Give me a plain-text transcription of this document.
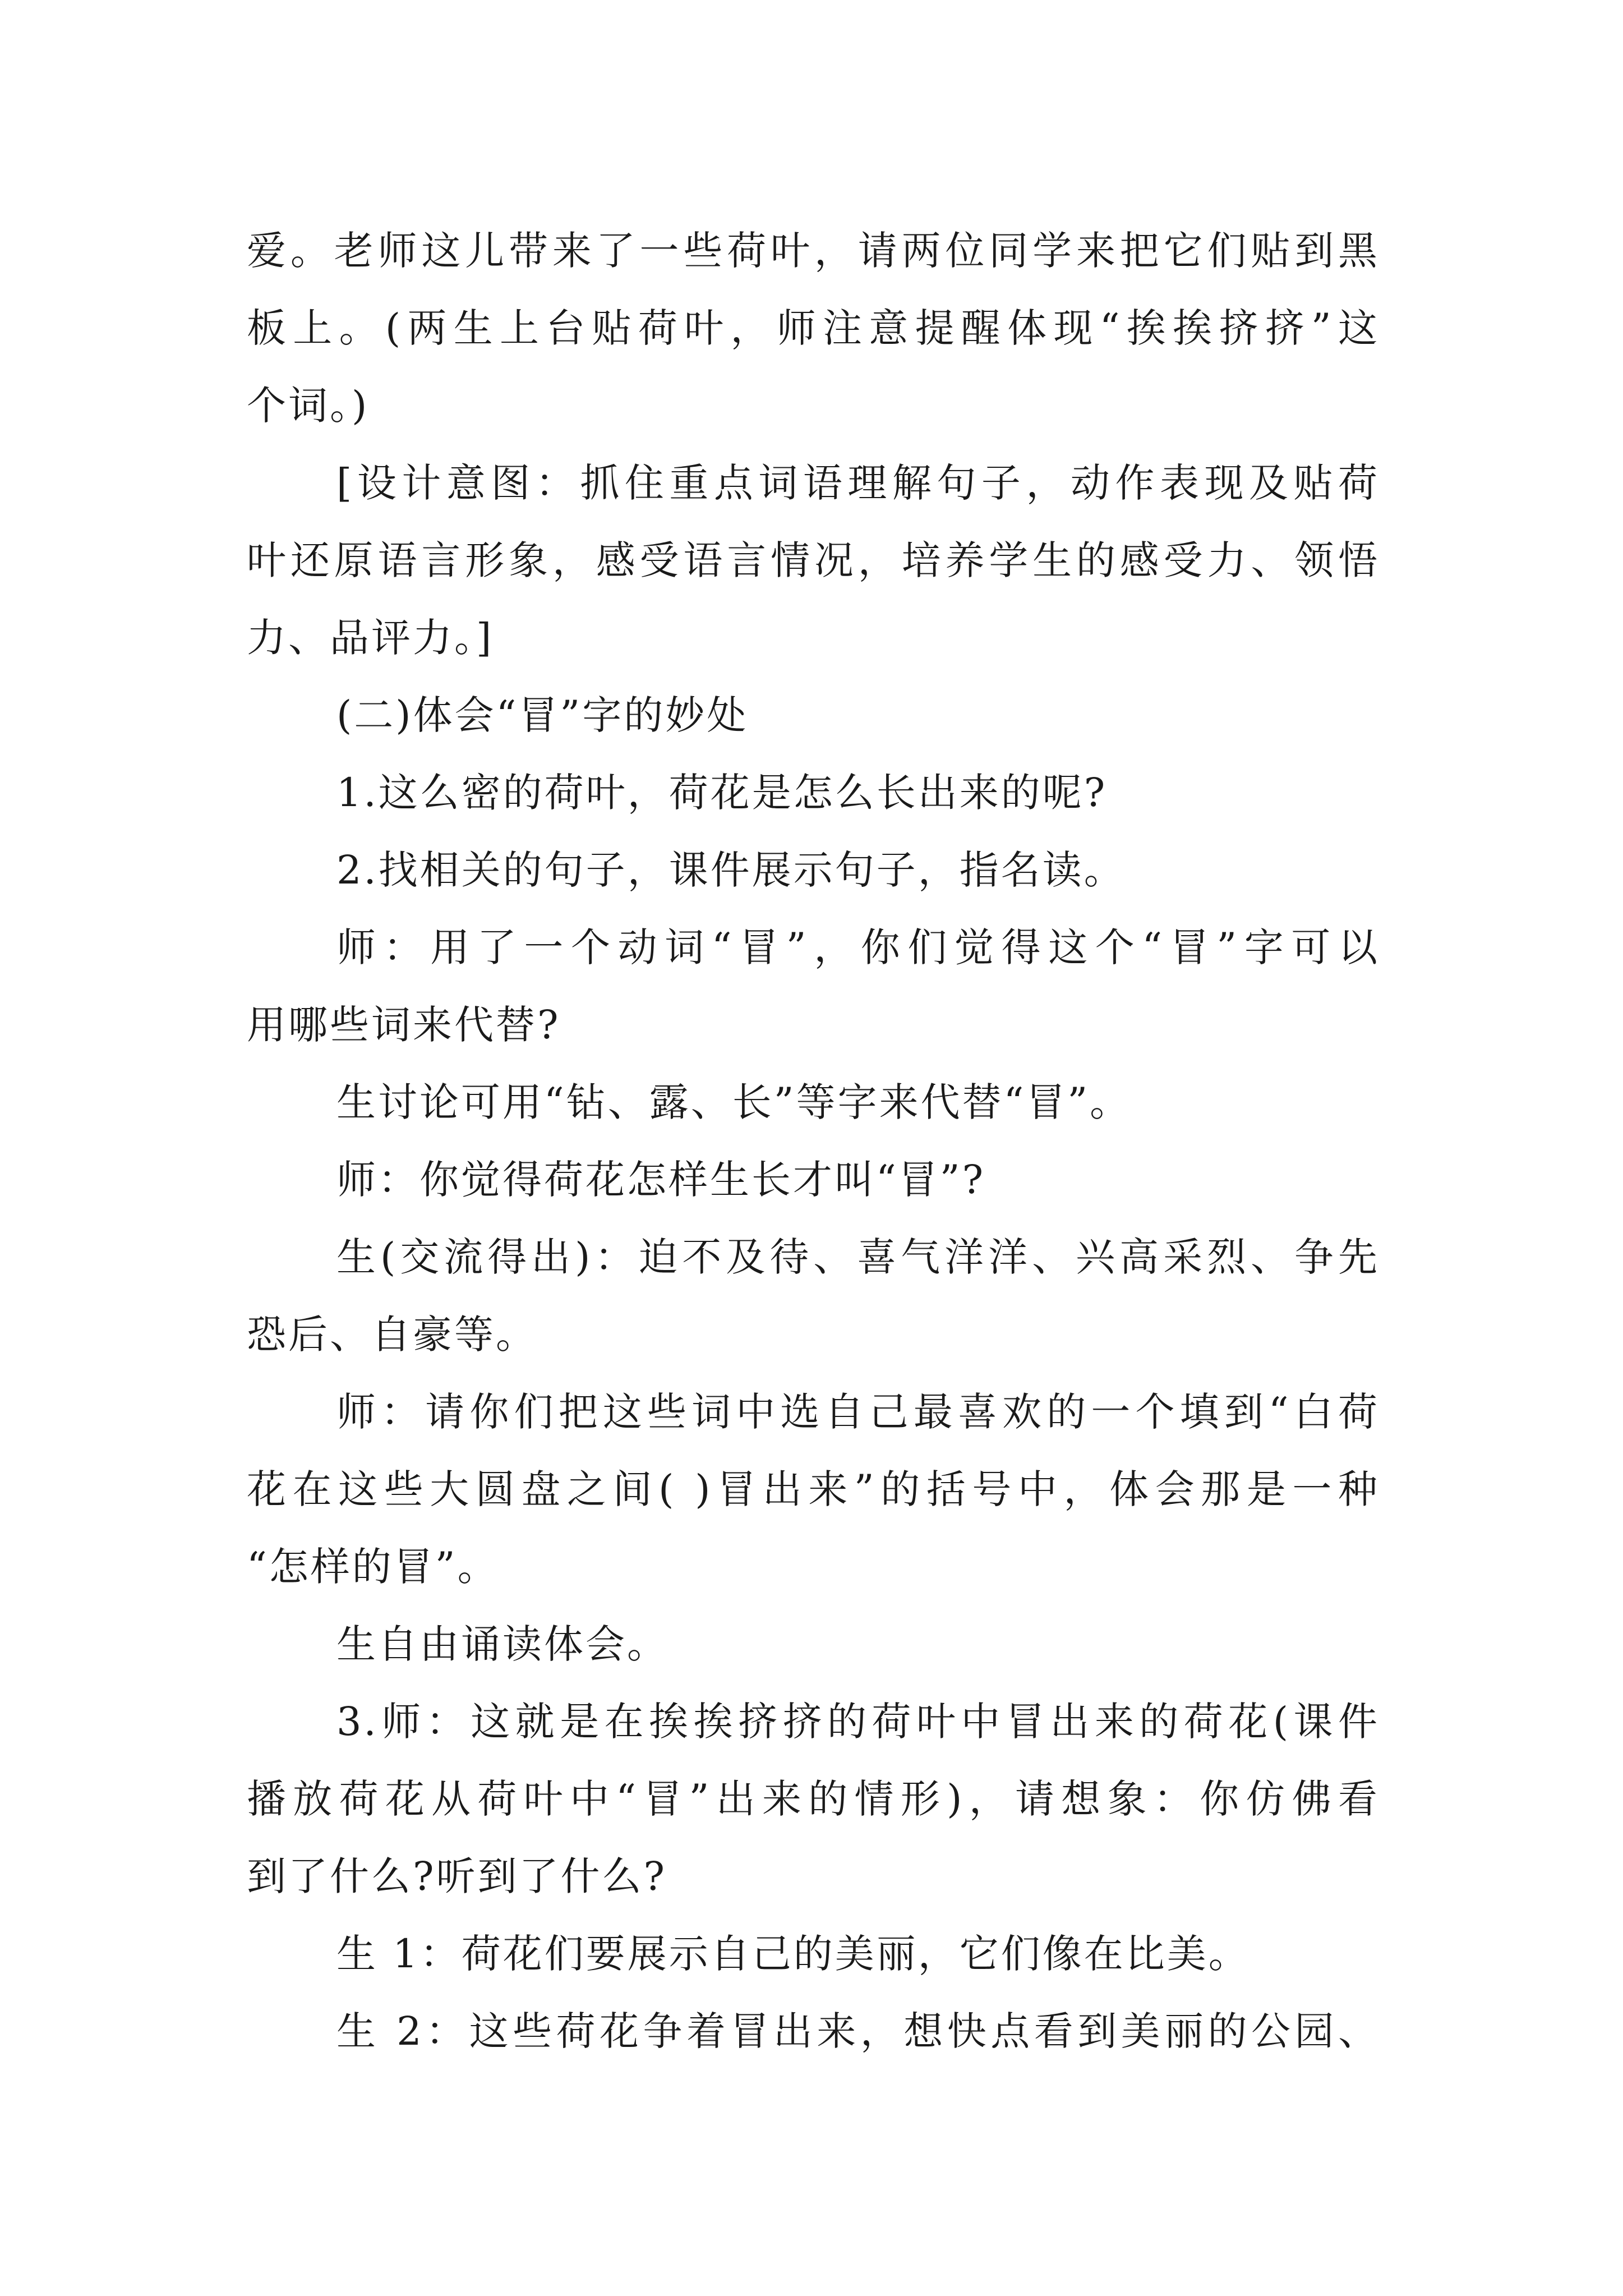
爱。老师这儿带来了一些荷叶，请两位同学来把它们贴到黑
板上。(两生上台贴荷叶，师注意提醒体现“挨挨挤挤”这
个词。)
[设计意图：抓住重点词语理解句子，动作表现及贴荷
叶还原语言形象，感受语言情况，培养学生的感受力、领悟
力、品评力。]
(二)体会“冒”字的妙处
1.这么密的荷叶，荷花是怎么长出来的呢?
2.找相关的句子，课件展示句子，指名读。
师：用了一个动词“冒”，你们觉得这个“冒”字可以
用哪些词来代替?
生讨论可用“钻、露、长”等字来代替“冒”。
师：你觉得荷花怎样生长才叫“冒”?
生(交流得出)：迫不及待、喜气洋洋、兴高采烈、争先
恐后、自豪等。
师：请你们把这些词中选自己最喜欢的一个填到“白荷
花在这些大圆盘之间( )冒出来”的括号中，体会那是一种
“怎样的冒”。
生自由诵读体会。
3.师：这就是在挨挨挤挤的荷叶中冒出来的荷花(课件
播放荷花从荷叶中“冒”出来的情形)，请想象：你仿佛看
到了什么?听到了什么?
生 1：荷花们要展示自己的美丽，它们像在比美。
生 2：这些荷花争着冒出来，想快点看到美丽的公园、
